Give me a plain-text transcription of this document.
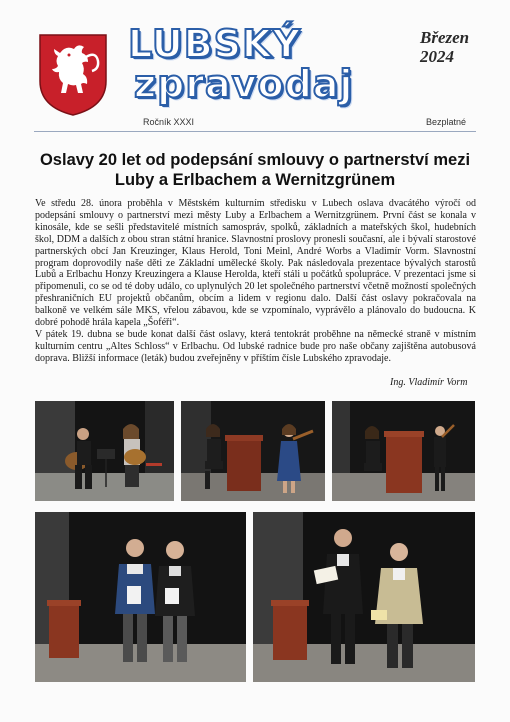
LUBSKÝ
zpravodaj
Březen
2024
Ročník XXXI	Bezplatné
Oslavy 20 let od podepsání smlouvy o partnerství mezi Luby a Erlbachem a Wernitzgrünem

Ve středu 28. února proběhla v Městském kulturním středisku v Lubech oslava dvacátého výročí od podepsání smlouvy o partnerství mezi městy Luby a Erlbachem a Wernitzgrünem. První část se konala v kinosále, kde se sešli představitelé místních samospráv, spolků, základních a mateřských škol, hudebních škol, DDM a dalších z obou stran státní hranice. Slavnostní proslovy pronesli současní, ale i bývalí starostové partnerských obcí Jan Kreuzinger, Klaus Herold, Toni Meinl, André Worbs a Vladimír Vorm. Slavnostní program doprovodily naše děti ze Základní umělecké školy. Pak následovala prezentace bývalých starostů Lubů a Erlbachu Honzy Kreuzingera a Klause Herolda, kteří stáli u počátků spolupráce. V prezentaci jsme si připomenuli, co se od té doby událo, co uplynulých 20 let společného partnerství včetně možností společných přeshraničních EU projektů občanům, obcím a lidem v regionu dalo. Další část oslavy pokračovala na balkoně ve velkém sále MKS, vřelou zábavou, kde se vzpomínalo, vyprávělo a plánovalo do budoucna. K dobré pohodě hrála kapela „Šoféři“.

V pátek 19. dubna se bude konat další část oslavy, která tentokrát proběhne na německé straně v místním kulturním centru „Altes Schloss“ v Erlbachu. Od lubské radnice bude pro naše občany zajištěna autobusová doprava. Bližší informace (leták) budou zveřejněny v příštím čísle Lubského zpravodaje.

Ing. Vladimír Vorm
